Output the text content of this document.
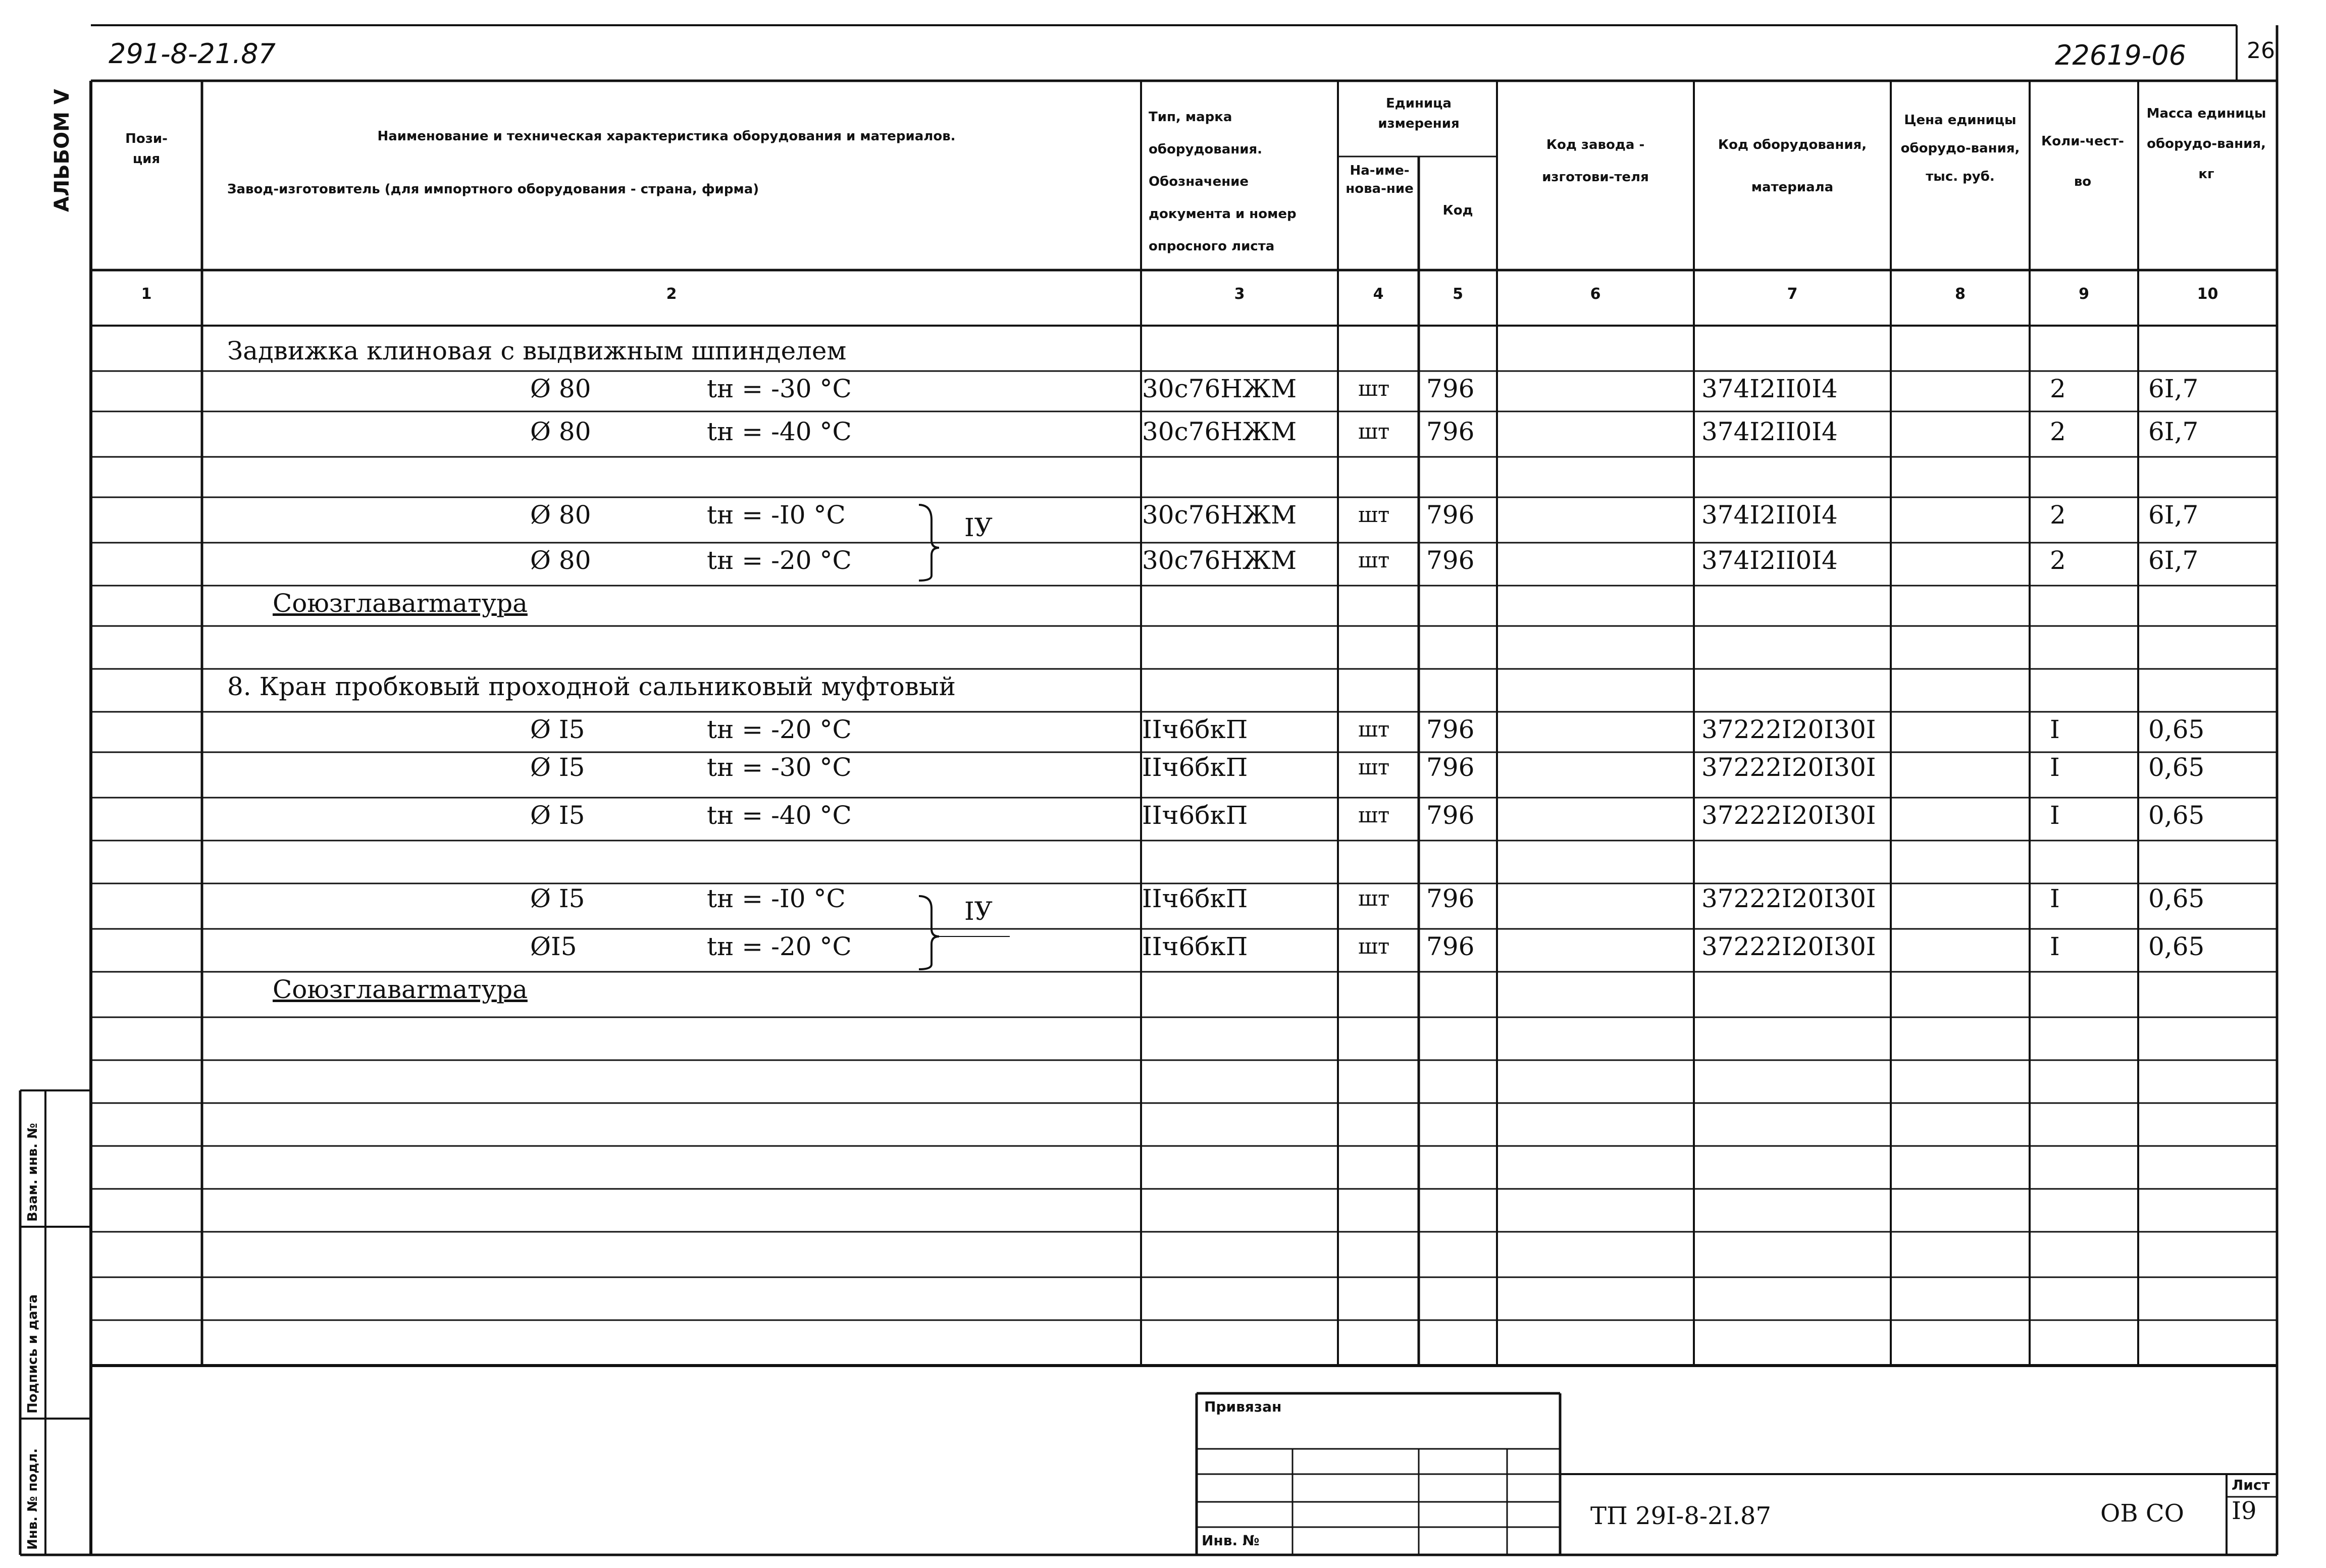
291-8-21.87	22619-06	26
АЛЬБОМ V	Пози-ция
Наименование и техническая характеристика оборудования и материалов.
Завод-изготовитель (для импортного оборудования - страна, фирма)
Тип, марка оборудования. Обозначение документа и номер опросного листа
Единица измерения
На-име-нова-ние
Код
Код завода - изготови-теля
Код оборудования, материала
Цена единицы оборудо-вания, тыс. руб.
Коли-чест-во
Масса единицы оборудо-вания, кг
1	2	3	4	5	6	7	8	9	10
Задвижка клиновая с выдвижным шпинделем
Ø 80	tн = -30 °C	30с76НЖМ	шт 796	374I2II0I4	2	6I,7
Ø 80	tн = -40 °C	30с76НЖМ	шт 796	374I2II0I4	2	6I,7
Ø 80	tн = -I0 °C	30с76НЖМ	шт 796	374I2II0I4	2	6I,7
IУ
Ø 80	tн = -20 °C	30с76НЖМ	шт 796	374I2II0I4	2	6I,7
Союзглавarmатура
8. Кран пробковый проходной сальниковый муфтовый
Ø I5	tн = -20 °C	IIч6бкП	шт 796	37222I20I30I	I	0,65
Ø I5	tн = -30 °C	IIч6бкП	шт 796	37222I20I30I	I	0,65
Ø I5	tн = -40 °C	IIч6бкП	шт 796	37222I20I30I	I	0,65
Ø I5	tн = -I0 °C	IIч6бкП	шт 796	37222I20I30I	I	0,65
IУ
ØI5	tн = -20 °C	IIч6бкП	шт 796	37222I20I30I	I	0,65
Союзглавarmатура
Инв. № подл.
Подпись и дата
Взам. инв. №
Привязан
Инв. №
ТП 29I-8-2I.87	ОВ СО
Лист
I9
